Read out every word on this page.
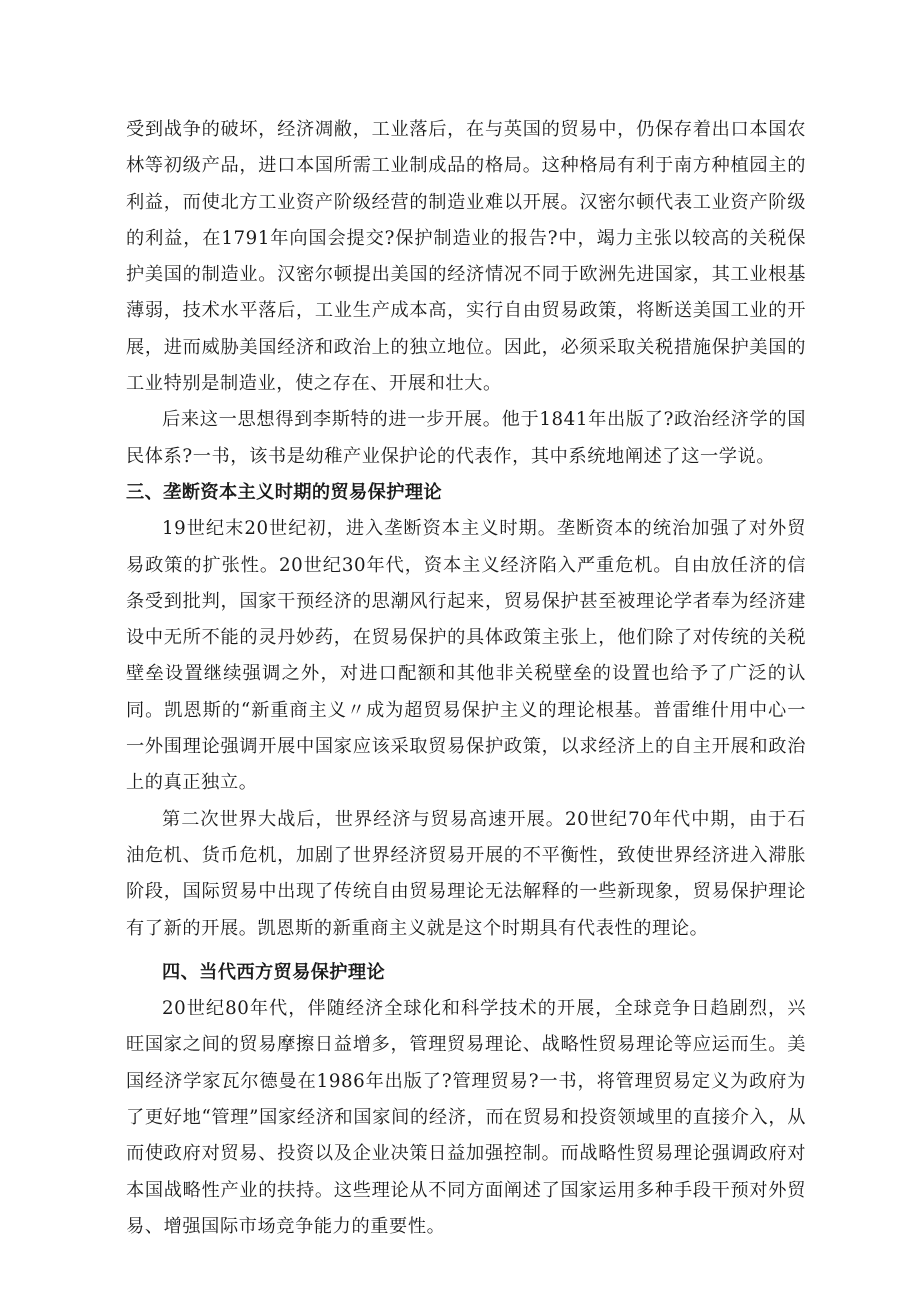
受到战争的破坏，经济凋敝，工业落后，在与英国的贸易中，仍保存着出口本国农林等初级产品，进口本国所需工业制成品的格局。这种格局有利于南方种植园主的利益，而使北方工业资产阶级经营的制造业难以开展。汉密尔顿代表工业资产阶级的利益，在1791年向国会提交?保护制造业的报告?中，竭力主张以较高的关税保护美国的制造业。汉密尔顿提出美国的经济情况不同于欧洲先进国家，其工业根基薄弱，技术水平落后，工业生产成本高，实行自由贸易政策，将断送美国工业的开展，进而威胁美国经济和政治上的独立地位。因此，必须采取关税措施保护美国的工业特别是制造业，使之存在、开展和壮大。

后来这一思想得到李斯特的进一步开展。他于1841年出版了?政治经济学的国民体系?一书，该书是幼稚产业保护论的代表作，其中系统地阐述了这一学说。

三、垄断资本主义时期的贸易保护理论

19世纪末20世纪初，进入垄断资本主义时期。垄断资本的统治加强了对外贸易政策的扩张性。20世纪30年代，资本主义经济陷入严重危机。自由放任济的信条受到批判，国家干预经济的思潮风行起来，贸易保护甚至被理论学者奉为经济建设中无所不能的灵丹妙药，在贸易保护的具体政策主张上，他们除了对传统的关税壁垒设置继续强调之外，对进口配额和其他非关税壁垒的设置也给予了广泛的认同。凯恩斯的“新重商主义〃成为超贸易保护主义的理论根基。普雷维什用中心一一外围理论强调开展中国家应该采取贸易保护政策，以求经济上的自主开展和政治上的真正独立。

第二次世界大战后，世界经济与贸易高速开展。20世纪70年代中期，由于石油危机、货币危机，加剧了世界经济贸易开展的不平衡性，致使世界经济进入滞胀阶段，国际贸易中出现了传统自由贸易理论无法解释的一些新现象，贸易保护理论有了新的开展。凯恩斯的新重商主义就是这个时期具有代表性的理论。

四、当代西方贸易保护理论

20世纪80年代，伴随经济全球化和科学技术的开展，全球竞争日趋剧烈，兴旺国家之间的贸易摩擦日益增多，管理贸易理论、战略性贸易理论等应运而生。美国经济学家瓦尔德曼在1986年出版了?管理贸易?一书，将管理贸易定义为政府为了更好地“管理”国家经济和国家间的经济，而在贸易和投资领域里的直接介入，从而使政府对贸易、投资以及企业决策日益加强控制。而战略性贸易理论强调政府对本国战略性产业的扶持。这些理论从不同方面阐述了国家运用多种手段干预对外贸易、增强国际市场竞争能力的重要性。
